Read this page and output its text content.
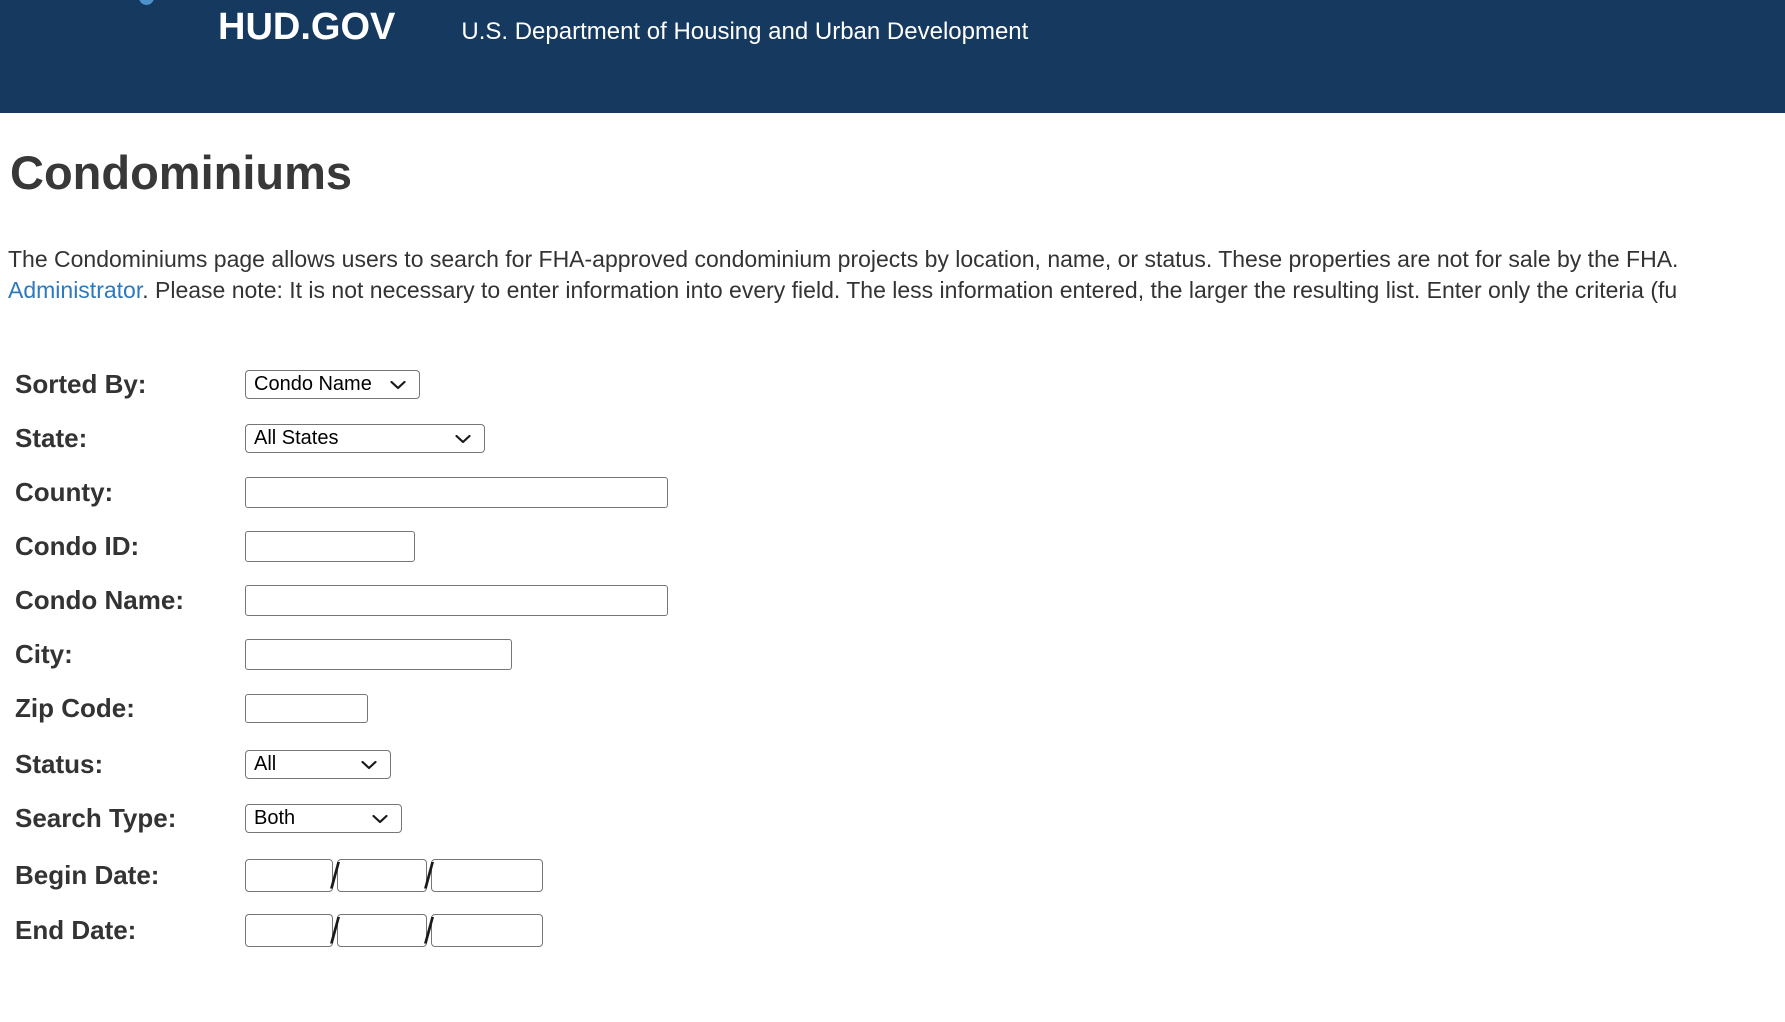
HUD.GOV	U.S. Department of Housing and Urban Development
Condominiums
The Condominiums page allows users to search for FHA-approved condominium projects by location, name, or status. These properties are not for sale by the FHA.
Administrator. Please note: It is not necessary to enter information into every field. The less information entered, the larger the resulting list. Enter only the criteria (fu
Sorted By:	Condo Name
State:	All States
County:
Condo ID:
Condo Name:
City:
Zip Code:
Status:	All
Search Type:	Both
Begin Date:	/ /
End Date:	/ /
